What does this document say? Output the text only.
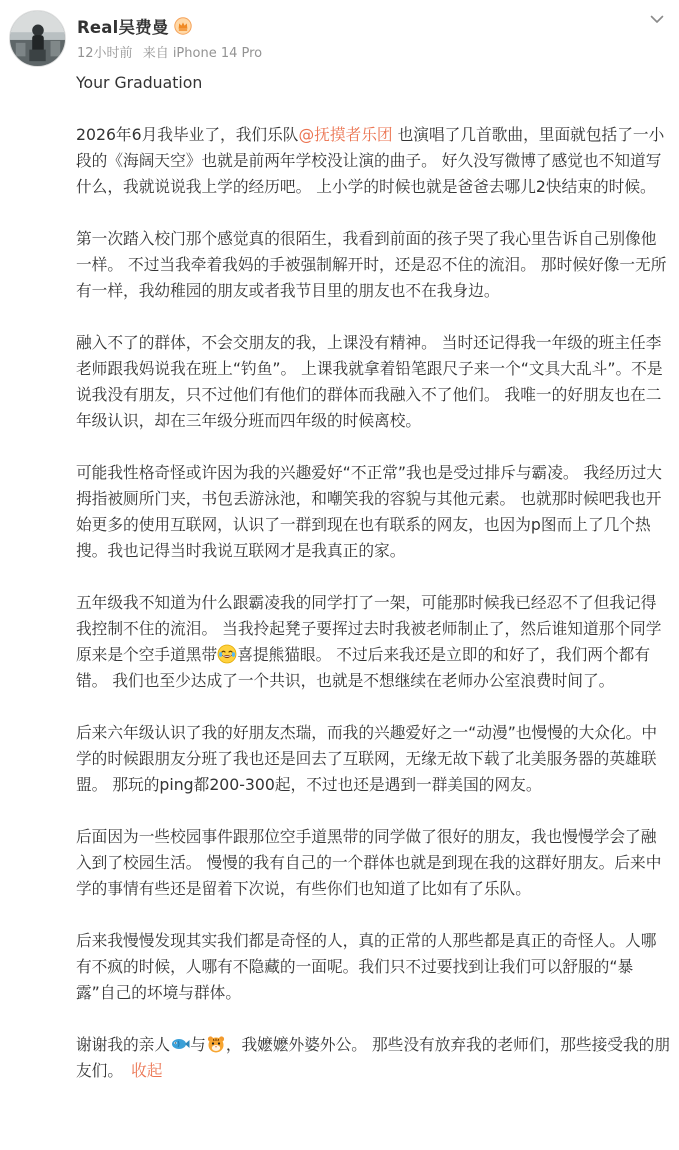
Real吴费曼
12小时前 来自 iPhone 14 Pro

Your Graduation

2026年6月我毕业了，我们乐队@抚摸者乐团 也演唱了几首歌曲，里面就包括了一小段的《海阔天空》也就是前两年学校没让演的曲子。 好久没写微博了感觉也不知道写什么，我就说说我上学的经历吧。 上小学的时候也就是爸爸去哪儿2快结束的时候。

第一次踏入校门那个感觉真的很陌生，我看到前面的孩子哭了我心里告诉自己别像他一样。 不过当我牵着我妈的手被强制解开时，还是忍不住的流泪。 那时候好像一无所有一样，我幼稚园的朋友或者我节目里的朋友也不在我身边。

融入不了的群体，不会交朋友的我，上课没有精神。 当时还记得我一年级的班主任李老师跟我妈说我在班上“钓鱼”。 上课我就拿着铅笔跟尺子来一个“文具大乱斗”。不是说我没有朋友，只不过他们有他们的群体而我融入不了他们。 我唯一的好朋友也在二年级认识，却在三年级分班而四年级的时候离校。

可能我性格奇怪或许因为我的兴趣爱好“不正常”我也是受过排斥与霸凌。 我经历过大拇指被厕所门夹，书包丢游泳池，和嘲笑我的容貌与其他元素。 也就那时候吧我也开始更多的使用互联网，认识了一群到现在也有联系的网友，也因为p图而上了几个热搜。我也记得当时我说互联网才是我真正的家。

五年级我不知道为什么跟霸凌我的同学打了一架，可能那时候我已经忍不了但我记得我控制不住的流泪。 当我拎起凳子要挥过去时我被老师制止了，然后谁知道那个同学原来是个空手道黑带 喜提熊猫眼。 不过后来我还是立即的和好了，我们两个都有错。 我们也至少达成了一个共识，也就是不想继续在老师办公室浪费时间了。

后来六年级认识了我的好朋友杰瑞，而我的兴趣爱好之一“动漫”也慢慢的大众化。中学的时候跟朋友分班了我也还是回去了互联网，无缘无故下载了北美服务器的英雄联盟。 那玩的ping都200-300起，不过也还是遇到一群美国的网友。

后面因为一些校园事件跟那位空手道黑带的同学做了很好的朋友，我也慢慢学会了融入到了校园生活。 慢慢的我有自己的一个群体也就是到现在我的这群好朋友。后来中学的事情有些还是留着下次说，有些你们也知道了比如有了乐队。

后来我慢慢发现其实我们都是奇怪的人，真的正常的人那些都是真正的奇怪人。人哪有不疯的时候，人哪有不隐藏的一面呢。我们只不过要找到让我们可以舒服的“暴露”自己的坏境与群体。

谢谢我的亲人 与 ，我嬷嬷外婆外公。 那些没有放弃我的老师们，那些接受我的朋友们。 收起
